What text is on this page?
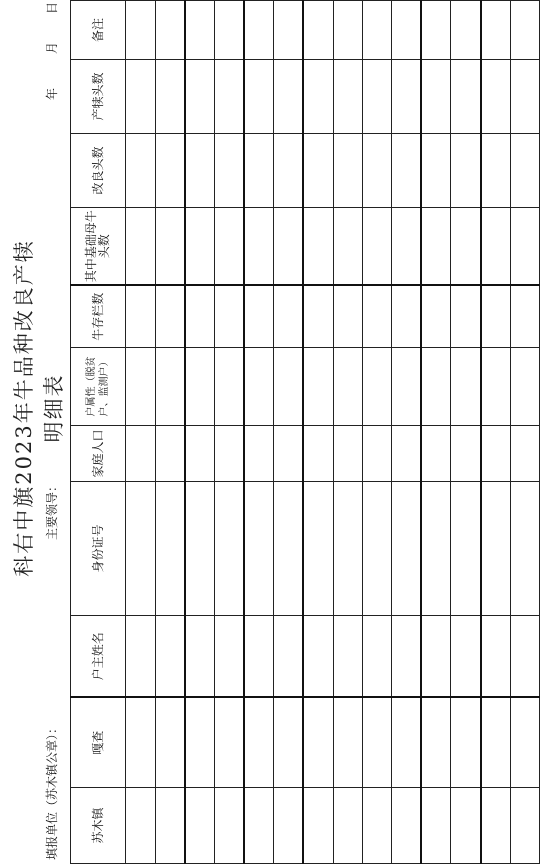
科右中旗2023年牛品种改良产犊明细表
填报单位（苏木镇公章）：
主要领导：
年
月
日
苏木镇	嘎查	户主姓名	身份证号	家庭人口	户属性（脱贫户、监测户）	牛存栏数	其中基础母牛头数	改良头数	产犊头数	备注
